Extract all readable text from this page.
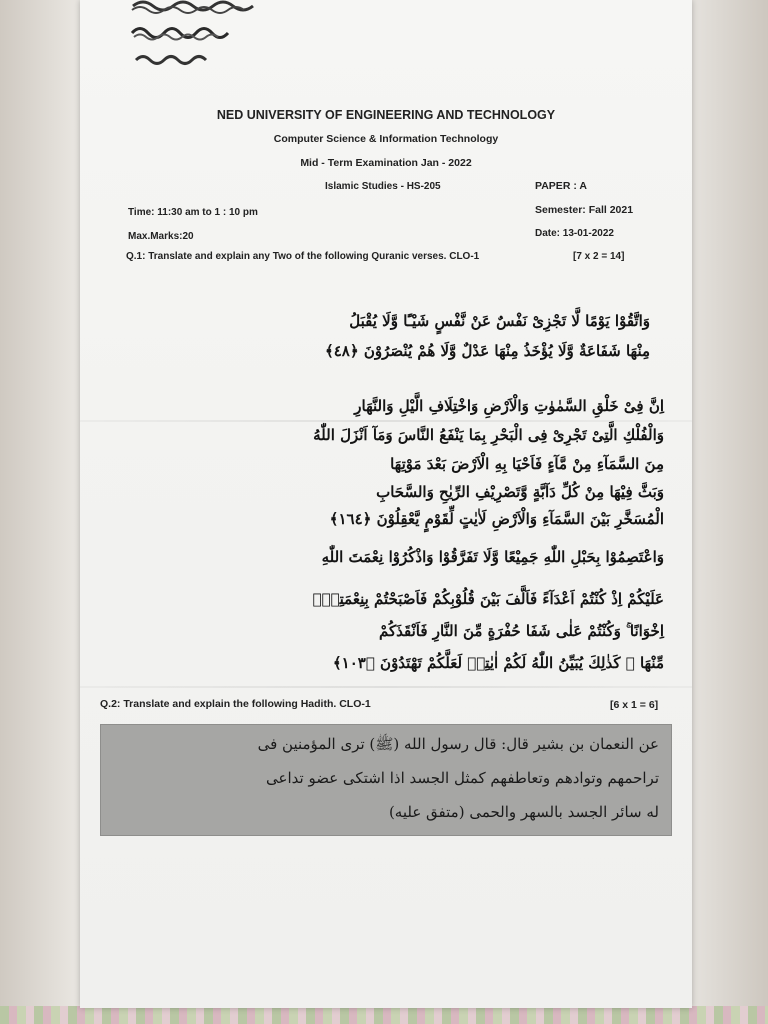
NED UNIVERSITY OF ENGINEERING AND TECHNOLOGY
Computer Science & Information Technology
Mid - Term Examination Jan - 2022
Islamic Studies - HS-205	PAPER : A
Time: 11:30 am to 1 : 10 pm	Semester: Fall 2021
Max.Marks:20	Date: 13-01-2022
Q.1: Translate and explain any Two of the following Quranic verses. CLO-1	[7 x 2 = 14]
وَاتَّقُوْا يَوْمًا لَّا تَجْزِىْ نَفْسٌ عَنْ نَّفْسٍ شَيْـًٔا وَّلَا يُقْبَلُ
مِنْهَا شَفَاعَةٌ وَّلَا يُؤْخَذُ مِنْهَا عَدْلٌ وَّلَا هُمْ يُنْصَرُوْنَ ﴿٤٨﴾
اِنَّ فِىْ خَلْقِ السَّمٰوٰتِ وَالْاَرْضِ وَاخْتِلَافِ الَّيْلِ وَالنَّهَارِ
وَالْفُلْكِ الَّتِىْ تَجْرِىْ فِى الْبَحْرِ بِمَا يَنْفَعُ النَّاسَ وَمَآ اَنْزَلَ اللّٰهُ
مِنَ السَّمَآءِ مِنْ مَّآءٍ فَاَحْيَا بِهِ الْاَرْضَ بَعْدَ مَوْتِهَا
وَبَثَّ فِيْهَا مِنْ كُلِّ دَآبَّةٍ وَّتَصْرِيْفِ الرِّيٰحِ وَالسَّحَابِ
الْمُسَخَّرِ بَيْنَ السَّمَآءِ وَالْاَرْضِ لَاٰيٰتٍ لِّقَوْمٍ يَّعْقِلُوْنَ ﴿١٦٤﴾
وَاعْتَصِمُوْا بِحَبْلِ اللّٰهِ جَمِيْعًا وَّلَا تَفَرَّقُوْا وَاذْكُرُوْا نِعْمَتَ اللّٰهِ
عَلَيْكُمْ اِذْ كُنْتُمْ اَعْدَآءً فَاَلَّفَ بَيْنَ قُلُوْبِكُمْ فَاَصْبَحْتُمْ بِنِعْمَتِهٖٓ
اِخْوَانًا ۚ وَكُنْتُمْ عَلٰى شَفَا حُفْرَةٍ مِّنَ النَّارِ فَاَنْقَذَكُمْ
مِّنْهَا ۭ كَذٰلِكَ يُبَيِّنُ اللّٰهُ لَكُمْ اٰيٰتِهٖ لَعَلَّكُمْ تَهْتَدُوْنَ ﴿١٠٣﴾
Q.2: Translate and explain the following Hadith. CLO-1	[6 x 1 = 6]
عن النعمان بن بشير قال: قال رسول الله (ﷺ) ترى المؤمنين فى
تراحمهم وتوادهم وتعاطفهم كمثل الجسد اذا اشتكى عضو تداعى
له سائر الجسد بالسهر والحمى (متفق عليه)
